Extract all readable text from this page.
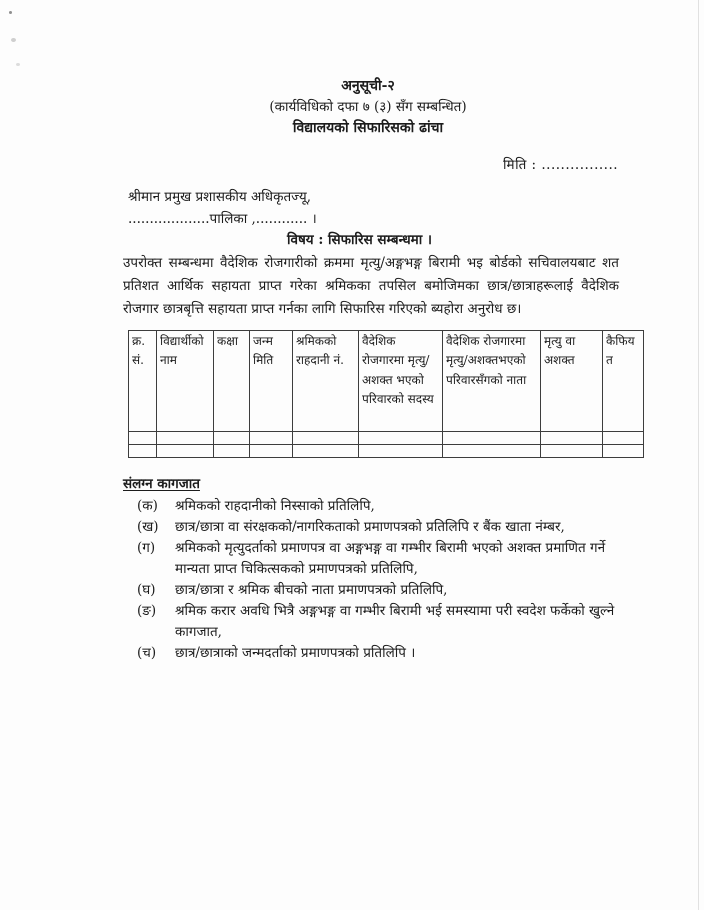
अनुसूची-२
(कार्यविधिको दफा ७ (३) सँग सम्बन्धित)
विद्यालयको सिफारिसको ढांचा
मिति : ................
श्रीमान प्रमुख प्रशासकीय अधिकृतज्यू,
...................पालिका ,............ ।
विषय : सिफारिस सम्बन्धमा ।
उपरोक्त सम्बन्धमा वैदेशिक रोजगारीको क्रममा मृत्यु/अङ्गभङ्ग बिरामी भइ बोर्डको सचिवालयबाट शत प्रतिशत आर्थिक सहायता प्राप्त गरेका श्रमिकका तपसिल बमोजिमका छात्र/छात्राहरूलाई वैदेशिक रोजगार छात्रबृत्ति सहायता प्राप्त गर्नका लागि सिफारिस गरिएको ब्यहोरा अनुरोध छ।
क्र. सं.	विद्यार्थीको नाम	कक्षा	जन्म मिति	श्रमिकको राहदानी नं.	वैदेशिक रोजगारमा मृत्यु/अशक्त भएको परिवारको सदस्य	वैदेशिक रोजगारमा मृत्यु/अशक्तभएको परिवारसँगको नाता	मृत्यु वा अशक्त	कैफियत

संलग्न कागजात
(क)	श्रमिकको राहदानीको निस्साको प्रतिलिपि,
(ख)	छात्र/छात्रा वा संरक्षकको/नागरिकताको प्रमाणपत्रको प्रतिलिपि र बैंक खाता नंम्बर,
(ग)	श्रमिकको मृत्युदर्ताको प्रमाणपत्र वा अङ्गभङ्ग वा गम्भीर बिरामी भएको अशक्त प्रमाणित गर्ने मान्यता प्राप्त चिकित्सकको प्रमाणपत्रको प्रतिलिपि,
(घ)	छात्र/छात्रा र श्रमिक बीचको नाता प्रमाणपत्रको प्रतिलिपि,
(ङ)	श्रमिक करार अवधि भित्रै अङ्गभङ्ग वा गम्भीर बिरामी भई समस्यामा परी स्वदेश फर्केको खुल्ने कागजात,
(च)	छात्र/छात्राको जन्मदर्ताको प्रमाणपत्रको प्रतिलिपि ।
